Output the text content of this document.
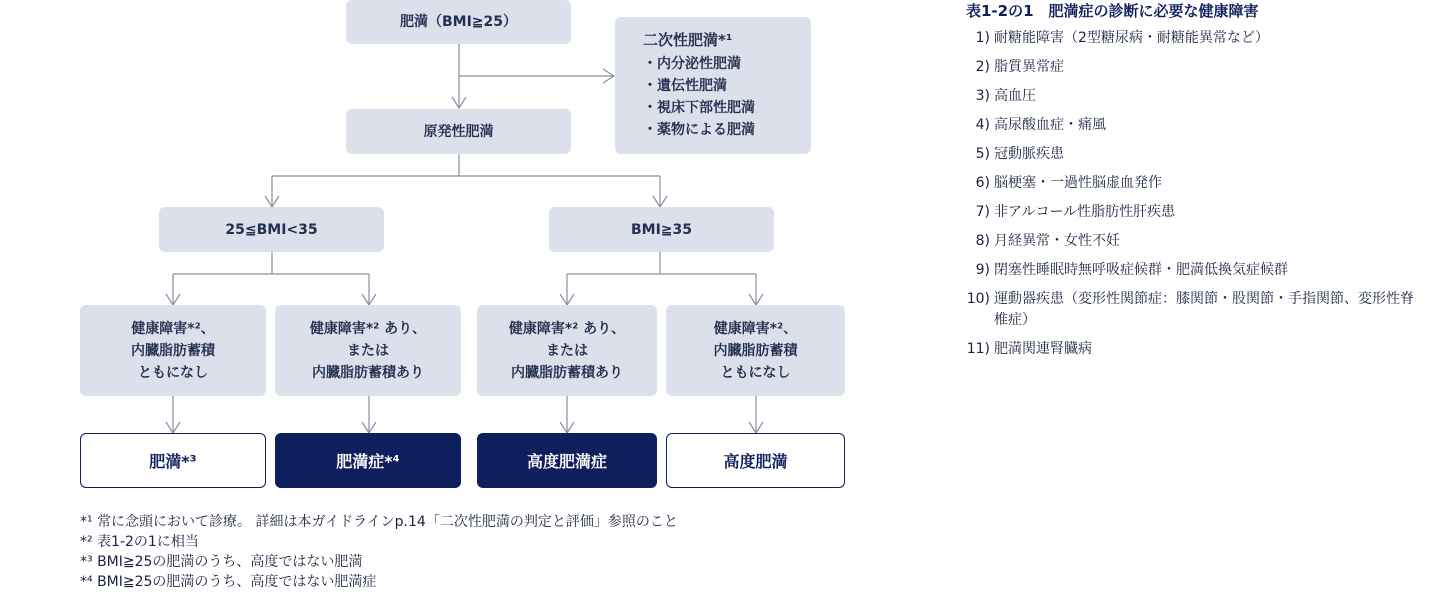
肥満（BMI≧25）
二次性肥満*¹
・内分泌性肥満
・遺伝性肥満
・視床下部性肥満
・薬物による肥満
原発性肥満
25≦BMI<35	BMI≧35
健康障害*²、
内臓脂肪蓄積
ともになし
健康障害*² あり、
または
内臓脂肪蓄積あり
健康障害*² あり、
または
内臓脂肪蓄積あり
健康障害*²、
内臓脂肪蓄積
ともになし
肥満*³	肥満症*⁴	高度肥満症	高度肥満
*¹ 常に念頭において診療。 詳細は本ガイドラインp.14「二次性肥満の判定と評価」参照のこと
*² 表1-2の1に相当
*³ BMI≧25の肥満のうち、高度ではない肥満
*⁴ BMI≧25の肥満のうち、高度ではない肥満症
表1-2の1　肥満症の診断に必要な健康障害
1) 耐糖能障害（2型糖尿病・耐糖能異常など）
2) 脂質異常症
3) 高血圧
4) 高尿酸血症・痛風
5) 冠動脈疾患
6) 脳梗塞・一過性脳虚血発作
7) 非アルコール性脂肪性肝疾患
8) 月経異常・女性不妊
9) 閉塞性睡眠時無呼吸症候群・肥満低換気症候群
10) 運動器疾患（変形性関節症：膝関節・股関節・手指関節、変形性脊椎症）
11) 肥満関連腎臓病
